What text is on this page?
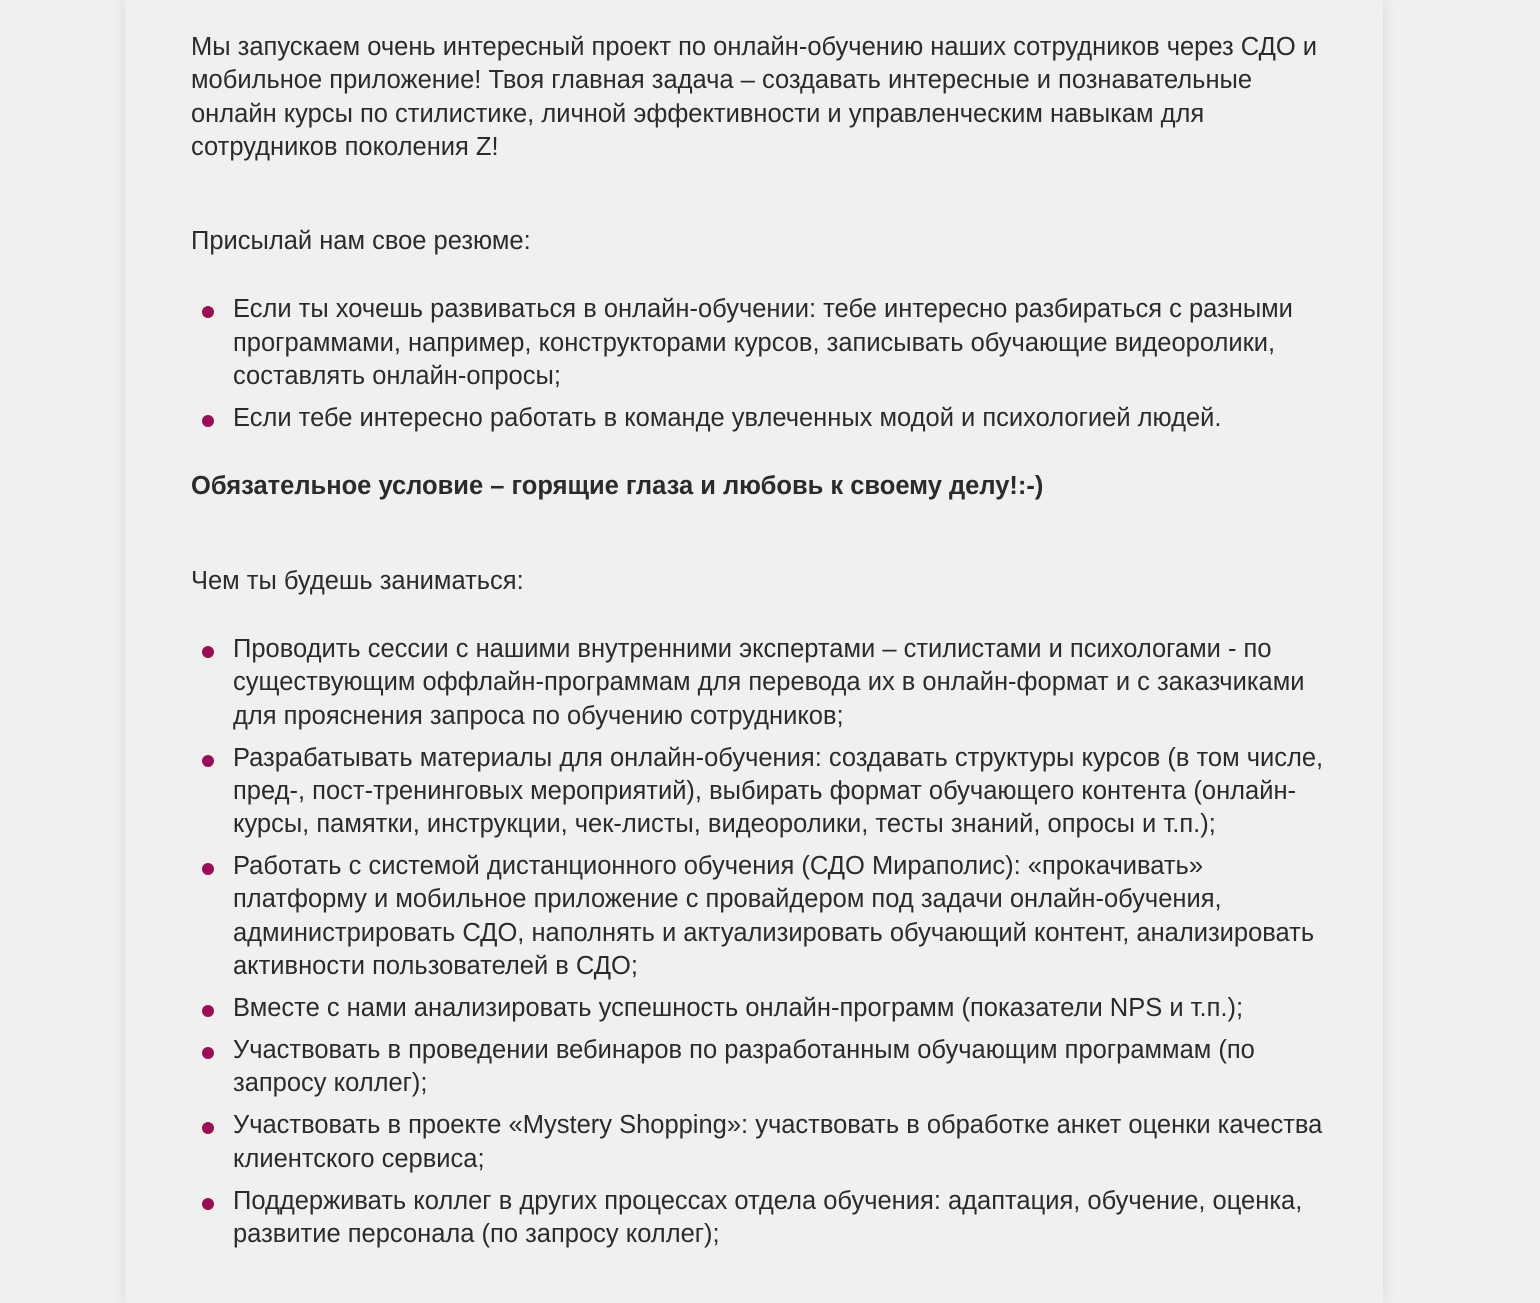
Мы запускаем очень интересный проект по онлайн-обучению наших сотрудников через СДО и мобильное приложение! Твоя главная задача – создавать интересные и познавательные онлайн курсы по стилистике, личной эффективности и управленческим навыкам для сотрудников поколения Z!

Присылай нам свое резюме:

Если ты хочешь развиваться в онлайн-обучении: тебе интересно разбираться с разными программами, например, конструкторами курсов, записывать обучающие видеоролики, составлять онлайн-опросы;
Если тебе интересно работать в команде увлеченных модой и психологией людей.

Обязательное условие – горящие глаза и любовь к своему делу!:-)

Чем ты будешь заниматься:

Проводить сессии с нашими внутренними экспертами – стилистами и психологами - по существующим оффлайн-программам для перевода их в онлайн-формат и с заказчиками для прояснения запроса по обучению сотрудников;
Разрабатывать материалы для онлайн-обучения: создавать структуры курсов (в том числе, пред-, пост-тренинговых мероприятий), выбирать формат обучающего контента (онлайн-курсы, памятки, инструкции, чек-листы, видеоролики, тесты знаний, опросы и т.п.);
Работать с системой дистанционного обучения (СДО Мираполис): «прокачивать» платформу и мобильное приложение с провайдером под задачи онлайн-обучения, администрировать СДО, наполнять и актуализировать обучающий контент, анализировать активности пользователей в СДО;
Вместе с нами анализировать успешность онлайн-программ (показатели NPS и т.п.);
Участвовать в проведении вебинаров по разработанным обучающим программам (по запросу коллег);
Участвовать в проекте «Mystery Shopping»: участвовать в обработке анкет оценки качества клиентского сервиса;
Поддерживать коллег в других процессах отдела обучения: адаптация, обучение, оценка, развитие персонала (по запросу коллег);
